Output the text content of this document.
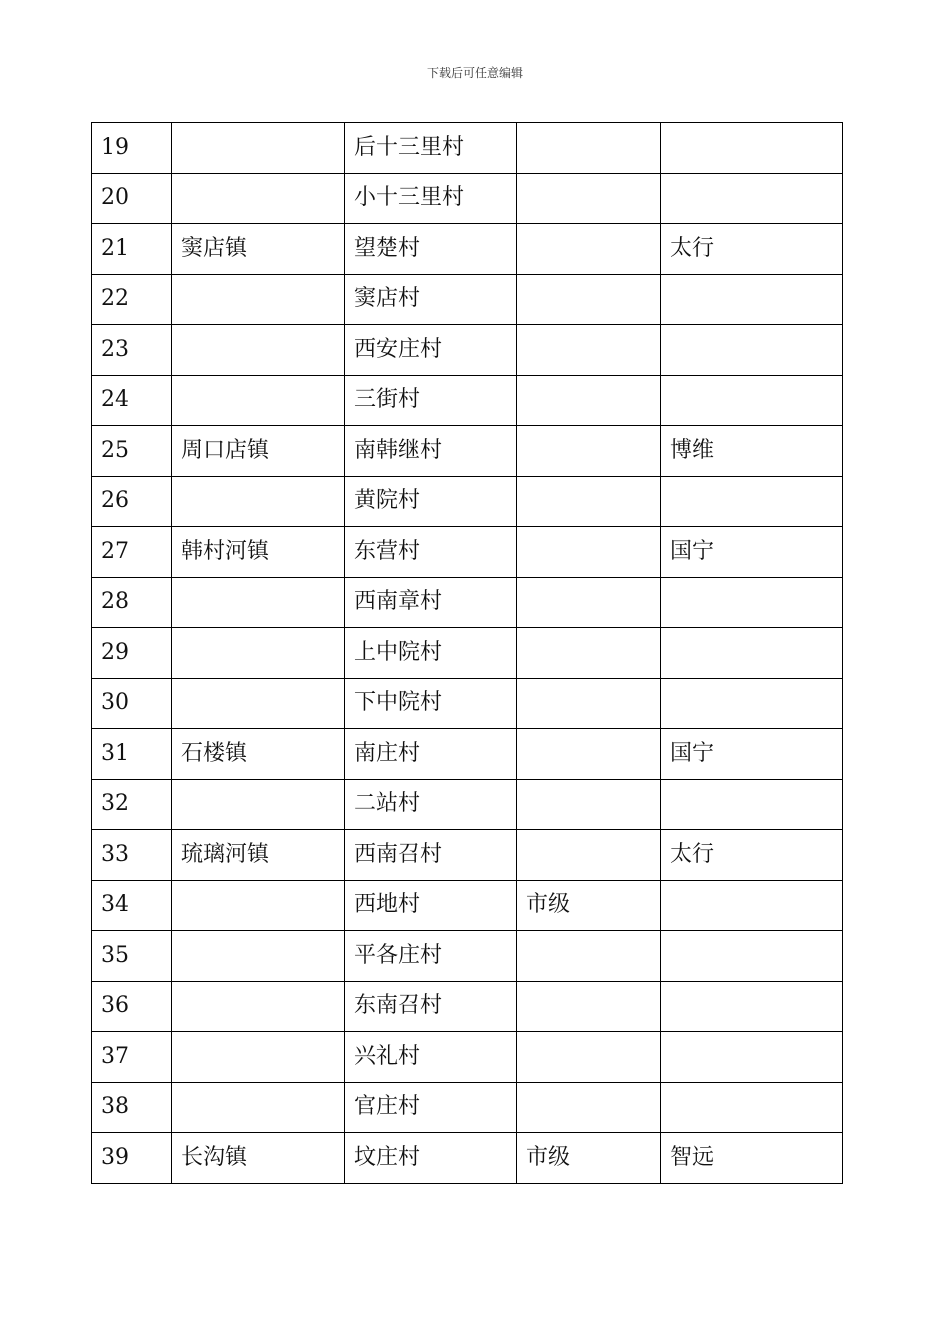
下载后可任意编辑
19		后十三里村		
20		小十三里村		
21	窦店镇	望楚村		太行
22		窦店村		
23		西安庄村		
24		三街村		
25	周口店镇	南韩继村		博维
26		黄院村		
27	韩村河镇	东营村		国宁
28		西南章村		
29		上中院村		
30		下中院村		
31	石楼镇	南庄村		国宁
32		二站村		
33	琉璃河镇	西南召村		太行
34		西地村	市级	
35		平各庄村		
36		东南召村		
37		兴礼村		
38		官庄村		
39	长沟镇	坟庄村	市级	智远
